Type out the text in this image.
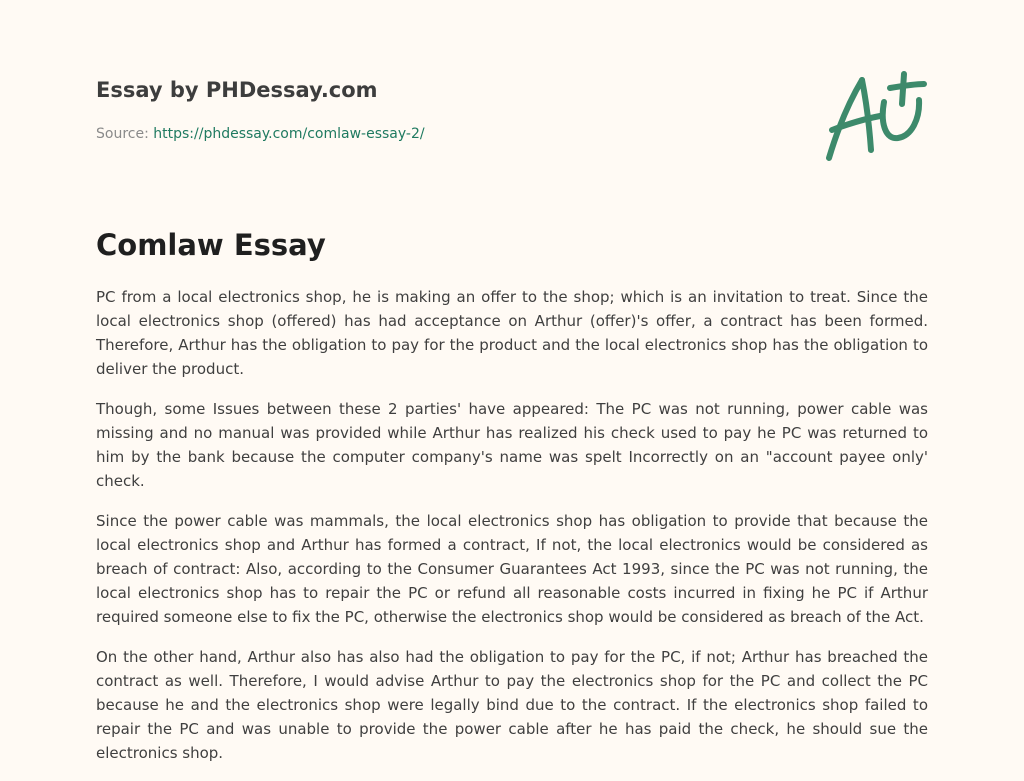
Essay by PHDessay.com
Source: https://phdessay.com/comlaw-essay-2/
Comlaw Essay

PC from a local electronics shop, he is making an offer to the shop; which is an invitation to treat. Since the local electronics shop (offered) has had acceptance on Arthur (offer)'s offer, a contract has been formed. Therefore, Arthur has the obligation to pay for the product and the local electronics shop has the obligation to deliver the product.

Though, some Issues between these 2 parties' have appeared: The PC was not running, power cable was missing and no manual was provided while Arthur has realized his check used to pay he PC was returned to him by the bank because the computer company's name was spelt Incorrectly on an "account payee only' check.

Since the power cable was mammals, the local electronics shop has obligation to provide that because the local electronics shop and Arthur has formed a contract, If not, the local electronics would be considered as breach of contract: Also, according to the Consumer Guarantees Act 1993, since the PC was not running, the local electronics shop has to repair the PC or refund all reasonable costs incurred in fixing he PC if Arthur required someone else to fix the PC, otherwise the electronics shop would be considered as breach of the Act.

On the other hand, Arthur also has also had the obligation to pay for the PC, if not; Arthur has breached the contract as well. Therefore, I would advise Arthur to pay the electronics shop for the PC and collect the PC because he and the electronics shop were legally bind due to the contract. If the electronics shop failed to repair the PC and was unable to provide the power cable after he has paid the check, he should sue the electronics shop.
